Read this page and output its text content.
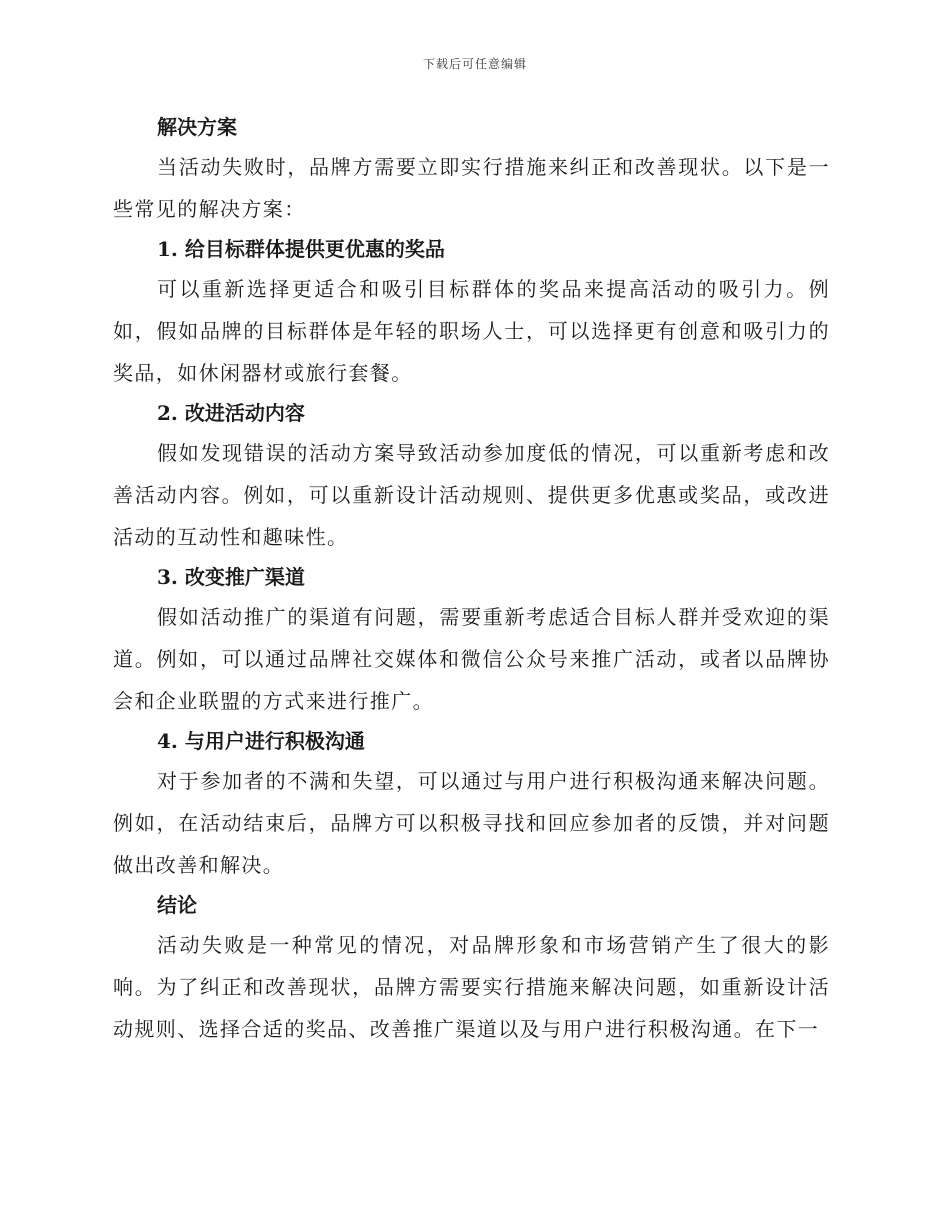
下载后可任意编辑
解决方案

当活动失败时，品牌方需要立即实行措施来纠正和改善现状。以下是一些常见的解决方案：

1. 给目标群体提供更优惠的奖品

可以重新选择更适合和吸引目标群体的奖品来提高活动的吸引力。例如，假如品牌的目标群体是年轻的职场人士，可以选择更有创意和吸引力的奖品，如休闲器材或旅行套餐。

2. 改进活动内容

假如发现错误的活动方案导致活动参加度低的情况，可以重新考虑和改善活动内容。例如，可以重新设计活动规则、提供更多优惠或奖品，或改进活动的互动性和趣味性。

3. 改变推广渠道

假如活动推广的渠道有问题，需要重新考虑适合目标人群并受欢迎的渠道。例如，可以通过品牌社交媒体和微信公众号来推广活动，或者以品牌协会和企业联盟的方式来进行推广。

4. 与用户进行积极沟通

对于参加者的不满和失望，可以通过与用户进行积极沟通来解决问题。例如，在活动结束后，品牌方可以积极寻找和回应参加者的反馈，并对问题做出改善和解决。

结论

活动失败是一种常见的情况，对品牌形象和市场营销产生了很大的影响。为了纠正和改善现状，品牌方需要实行措施来解决问题，如重新设计活动规则、选择合适的奖品、改善推广渠道以及与用户进行积极沟通。在下一
